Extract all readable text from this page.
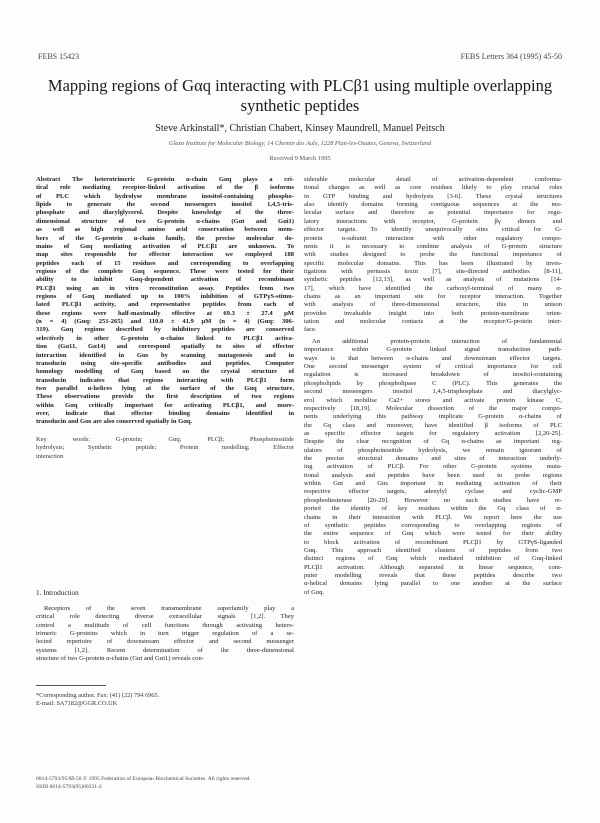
FEBS 15423	FEBS Letters 364 (1995) 45-50
Mapping regions of Gαq interacting with PLCβ1 using multiple overlapping synthetic peptides
Steve Arkinstall*, Christian Chabert, Kinsey Maundrell, Manuel Peitsch
Glaxo Institute for Molecular Biology, 14 Chemin des Aulx, 1228 Plan-les-Ouates, Geneva, Switzerland
Received 9 March 1995
Abstract The heterotrimeric G-protein α-chain Gαq plays a cri-
tical role mediating receptor-linked activation of the β isoforms
of PLC which hydrolyse membrane inositol-containing phospho-
lipids to generate the second messengers inositol 1,4,5-tris-
phosphate and diacylglycerol. Despite knowledge of the three-
dimensional structure of two G-protein α-chains (Gαt and Gαi1)
as well as high regional amino acid conservation between mem-
bers of the G-protein α-chain family, the precise molecular do-
mains of Gαq mediating activation of PLCβ1 are unknown. To
map sites responsible for effector interaction we employed 188
peptides each of 15 residues and corresponding to overlapping
regions of the complete Gαq sequence. These were tested for their
ability to inhibit Gαq-dependent activation of recombinant
PLCβ1 using an in vitro reconstitution assay. Peptides from two
regions of Gαq mediated up to 100% inhibition of GTPγS-stimu-
lated PLCβ1 activity, and representative peptides from each of
these regions were half-maximally effective at 69.3 ± 27.4 μM
(n = 4) (Gαq: 251-265) and 110.0 ± 41.9 μM (n = 4) (Gαq: 306-
319). Gαq regions described by inhibitory peptides are conserved
selectively in other G-protein α-chains linked to PLCβ1 activa-
tion (Gα11, Gα14) and correspond spatially to sites of effector
interaction identified in Gαs by scanning mutagenesis and in
transducin using site-specific antibodies and peptides. Computer
homology modelling of Gαq based on the crystal structure of
transducin indicates that regions interacting with PLCβ1 form
two parallel α-helices lying at the surface of the Gαq structure.
These observations provide the first description of two regions
within Gαq critically important for activating PLCβ1, and more-
over, indicate that effector binding domains identified in
transducin and Gαs are also conserved spatially in Gαq.
Key words: G-protein; Gαq; PLCβ; Phosphoinositide
hydrolysis; Synthetic peptide; Protein modelling; Effector
interaction
1. Introduction
Receptors of the seven transmembrane superfamily play a
critical role detecting diverse extracellular signals [1,2]. They
control a multitude of cell functions through activating hetero-
trimeric G-proteins which in turn trigger regulation of a se-
lected repertoire of downstream effector and second messenger
systems [1,2]. Recent determination of the three-dimensional
structure of two G-protein α-chains (Gαt and Gαi1) reveals con-
*Corresponding author. Fax: (41) (22) 794 6965.
E-mail: SA7182@GGR.CO.UK
siderable molecular detail of activation-dependent conforma-
tional changes as well as core residues likely to play crucial roles
in GTP binding and hydrolysis [3-6]. These crystal structures
also identify domains forming contiguous sequences at the mo-
lecular surface and therefore as potential importance for regu-
latory interactions with receptor, G-protein βγ dimers and
effector targets. To identify unequivocally sites critical for G-
protein α-subunit interaction with other regulatory compo-
nents it is necessary to combine analysis of G-protein structure
with studies designed to probe the functional importance of
specific molecular domains. This has been illustrated by inves-
tigations with pertussis toxin [7], site-directed antibodies [8-11],
synthetic peptides [12,13], as well as analysis of mutations [14-
17], which have identified the carboxyl-terminal of many α-
chains as an important site for receptor interaction. Together
with analysis of three-dimensional structure, this in unison
provides invaluable insight into both protein-membrane orien-
tation and molecular contacts at the receptor/G-protein inter-
face.
An additional protein-protein interaction of fundamental
importance within G-protein linked signal transduction path-
ways is that between α-chains and downstream effector targets.
One second messenger system of critical importance for cell
regulation is increased breakdown of inositol-containing
phospholipids by phospholipase C (PLC). This generates the
second messengers inositol 1,4,5-trisphosphate and diacylglyc-
erol which mobilise Ca2+ stores and activate protein kinase C,
respectively [18,19]. Molecular dissection of the major compo-
nents underlying this pathway implicate G-protein α-chains of
the Gq class and moreover, have identified β isoforms of PLC
as specific effector targets for regulatory activation [2,20-25].
Despite the clear recognition of Gq α-chains as important reg-
ulators of phosphoinositide hydrolysis, we remain ignorant of
the precise structural domains and sites of interaction underly-
ing activation of PLCβ. For other G-protein systems muta-
tional analysis and peptides have been used to probe regions
within Gαt and Gαs important in mediating activation of their
respective effector targets, adenylyl cyclase and cyclic-GMP
phosphodiesterase [26-29]. However no such studies have re-
ported the identity of key residues within the Gq class of α-
chains in their interaction with PLCβ. We report here the use
of synthetic peptides corresponding to overlapping regions of
the entire sequence of Gαq which were tested for their ability
to block activation of recombinant PLCβ1 by GTPγS-liganded
Gαq. This approach identified clusters of peptides from two
distinct regions of Gαq which mediated inhibition of Gαq-linked
PLCβ1 activation. Although separated in linear sequence, com-
puter modelling reveals that these peptides describe two
α-helical domains lying parallel to one another at the surface
of Gαq.
0014-5793/95/$9.50 © 1995 Federation of European Biochemical Societies. All rights reserved.
SSDI 0014-5793(95)00331-2
